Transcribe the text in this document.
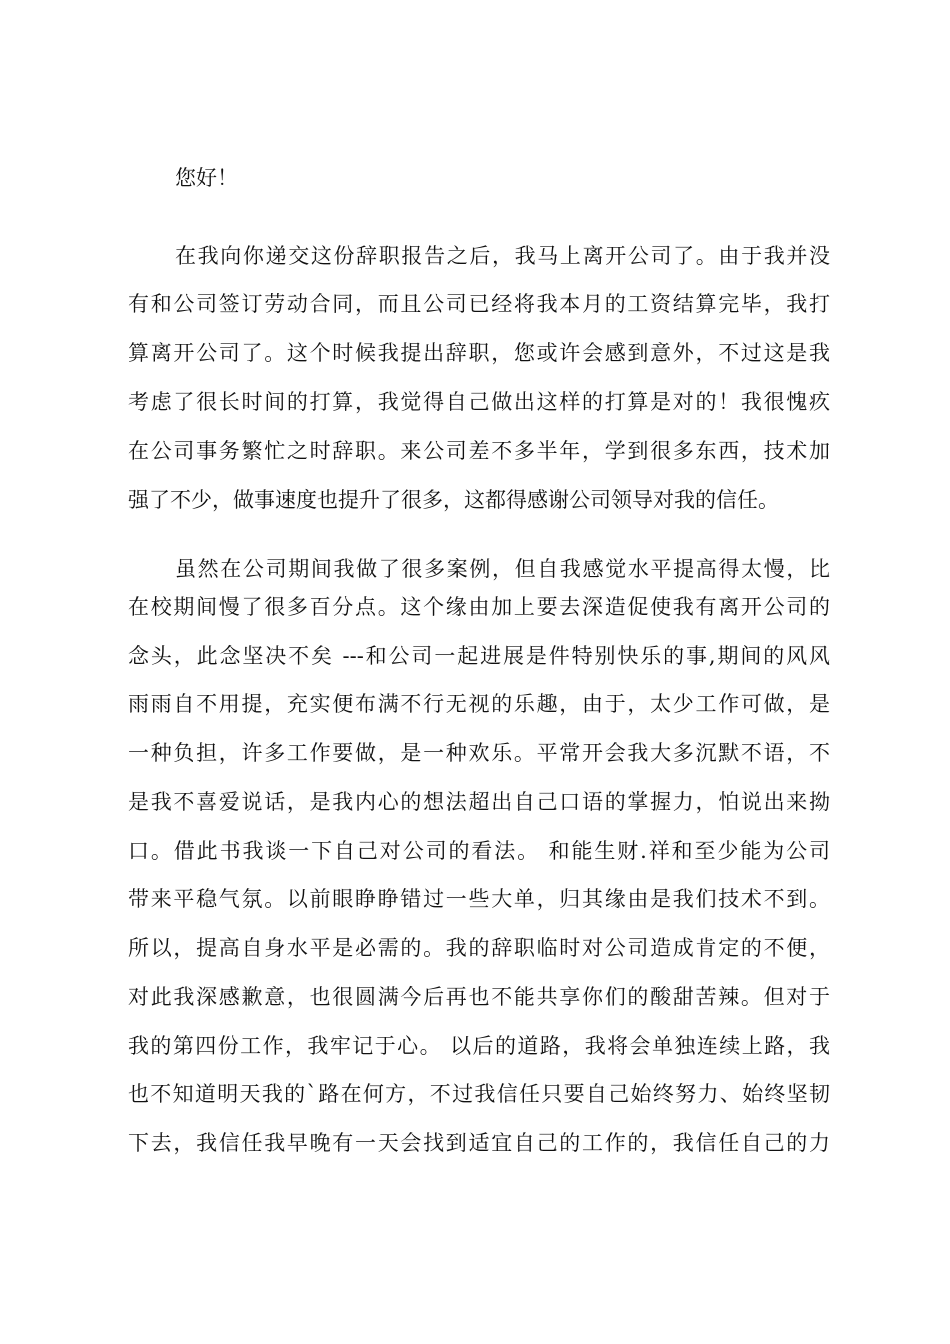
您好！
在我向你递交这份辞职报告之后，我马上离开公司了。由于我并没
有和公司签订劳动合同，而且公司已经将我本月的工资结算完毕，我打
算离开公司了。这个时候我提出辞职，您或许会感到意外，不过这是我
考虑了很长时间的打算，我觉得自己做出这样的打算是对的！我很愧疚
在公司事务繁忙之时辞职。来公司差不多半年，学到很多东西，技术加
强了不少，做事速度也提升了很多，这都得感谢公司领导对我的信任。
虽然在公司期间我做了很多案例，但自我感觉水平提高得太慢，比
在校期间慢了很多百分点。这个缘由加上要去深造促使我有离开公司的
念头，此念坚决不矣 ---和公司一起进展是件特别快乐的事,期间的风风
雨雨自不用提，充实便布满不行无视的乐趣，由于，太少工作可做，是
一种负担，许多工作要做，是一种欢乐。平常开会我大多沉默不语，不
是我不喜爱说话，是我内心的想法超出自己口语的掌握力，怕说出来拗
口。借此书我谈一下自己对公司的看法。 和能生财.祥和至少能为公司
带来平稳气氛。以前眼睁睁错过一些大单，归其缘由是我们技术不到。
所以，提高自身水平是必需的。我的辞职临时对公司造成肯定的不便，
对此我深感歉意，也很圆满今后再也不能共享你们的酸甜苦辣。但对于
我的第四份工作，我牢记于心。 以后的道路，我将会单独连续上路，我
也不知道明天我的`路在何方，不过我信任只要自己始终努力、始终坚韧
下去，我信任我早晚有一天会找到适宜自己的工作的，我信任自己的力
